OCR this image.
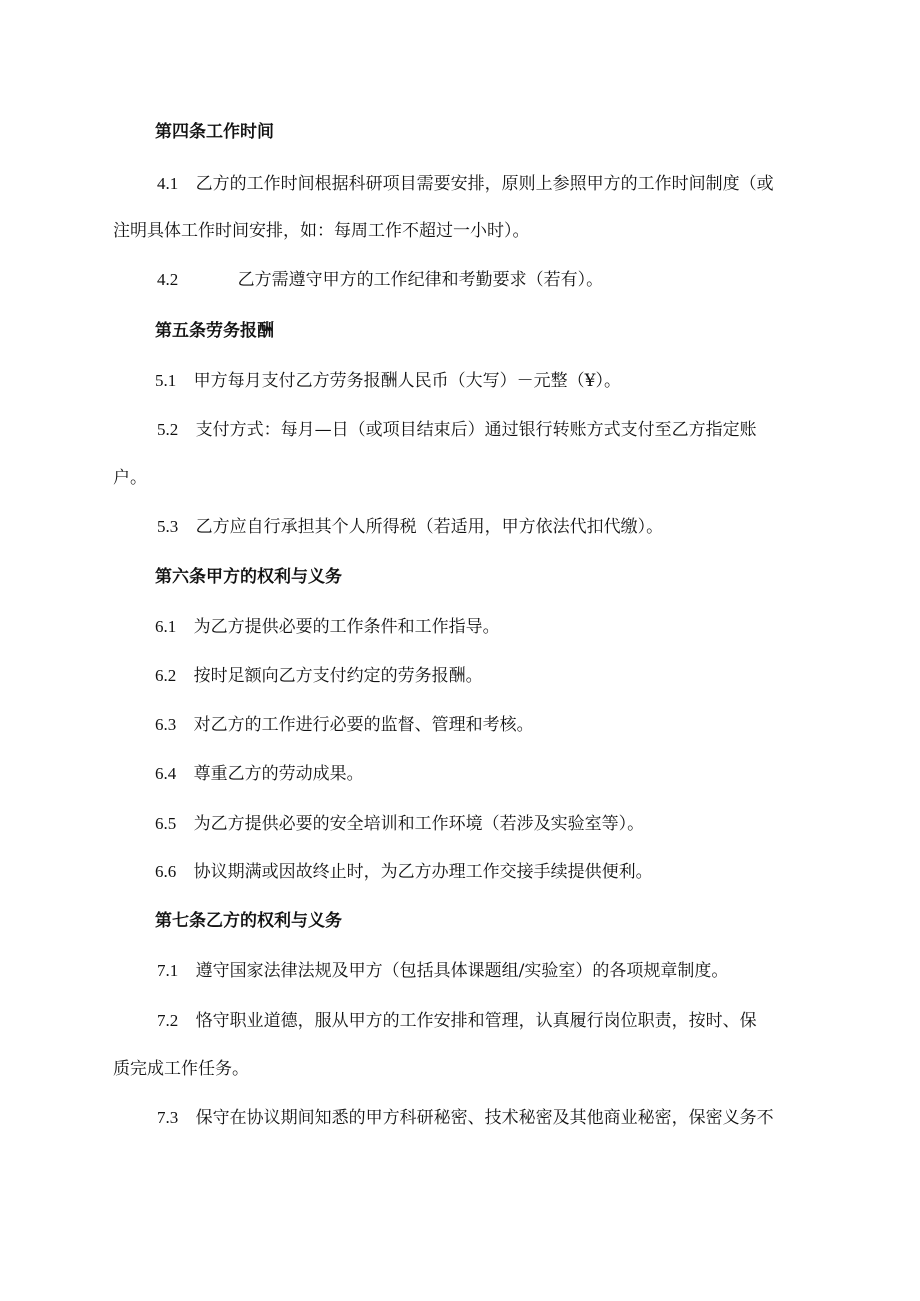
第四条工作时间
4.1 乙方的工作时间根据科研项目需要安排，原则上参照甲方的工作时间制度（或
注明具体工作时间安排，如：每周工作不超过一小时）。
4.2	乙方需遵守甲方的工作纪律和考勤要求（若有）。
第五条劳务报酬
5.1 甲方每月支付乙方劳务报酬人民币（大写）－元整（¥）。
5.2 支付方式：每月—日（或项目结束后）通过银行转账方式支付至乙方指定账
户。
5.3 乙方应自行承担其个人所得税（若适用，甲方依法代扣代缴）。
第六条甲方的权利与义务
6.1 为乙方提供必要的工作条件和工作指导。
6.2 按时足额向乙方支付约定的劳务报酬。
6.3 对乙方的工作进行必要的监督、管理和考核。
6.4 尊重乙方的劳动成果。
6.5 为乙方提供必要的安全培训和工作环境（若涉及实验室等）。
6.6 协议期满或因故终止时，为乙方办理工作交接手续提供便利。
第七条乙方的权利与义务
7.1 遵守国家法律法规及甲方（包括具体课题组/实验室）的各项规章制度。
7.2 恪守职业道德，服从甲方的工作安排和管理，认真履行岗位职责，按时、保
质完成工作任务。
7.3 保守在协议期间知悉的甲方科研秘密、技术秘密及其他商业秘密，保密义务不
